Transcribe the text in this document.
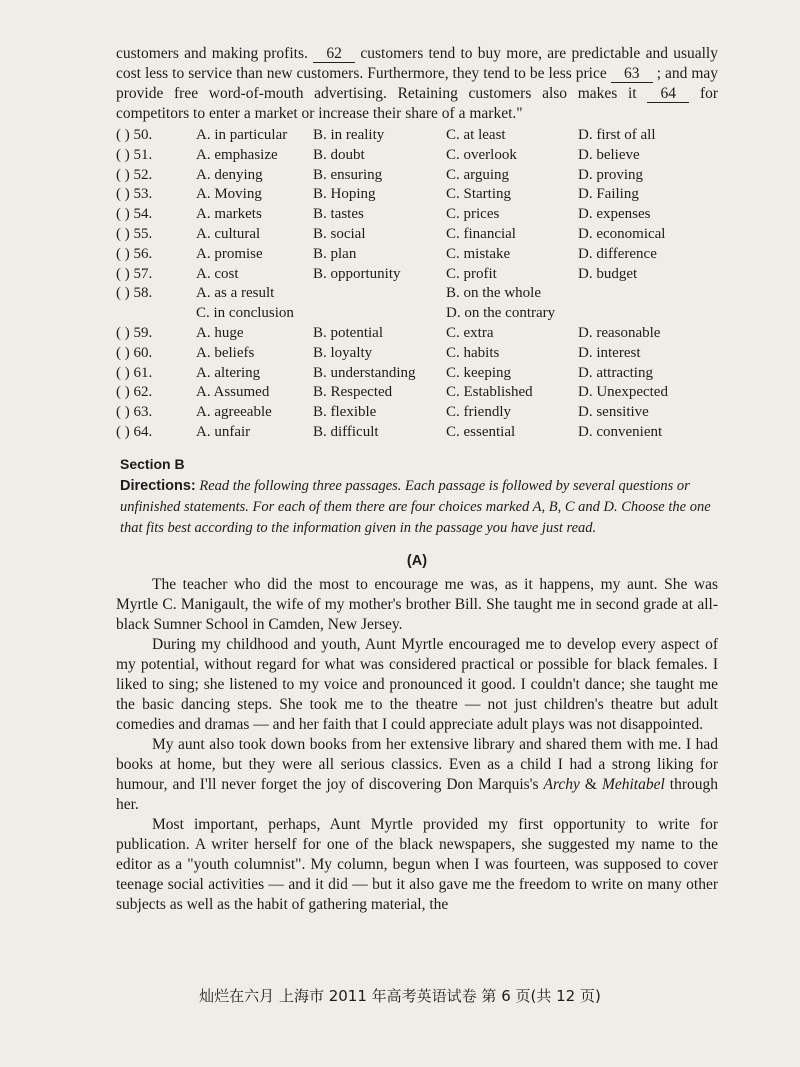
customers and making profits. 62 customers tend to buy more, are predictable and usually cost less to service than new customers. Furthermore, they tend to be less price 63 ; and may provide free word-of-mouth advertising. Retaining customers also makes it 64 for competitors to enter a market or increase their share of a market."

( ) 50.	A. in particular B. in reality	C. at least	D. first of all
( ) 51.	A. emphasize B. doubt	C. overlook	D. believe
( ) 52.	A. denying	B. ensuring	C. arguing	D. proving
( ) 53.	A. Moving	B. Hoping	C. Starting	D. Failing
( ) 54.	A. markets	B. tastes	C. prices	D. expenses
( ) 55.	A. cultural	B. social	C. financial	D. economical
( ) 56.	A. promise	B. plan	C. mistake	D. difference
( ) 57.	A. cost	B. opportunity	C. profit	D. budget
( ) 58.	A. as a result	B. on the whole
C. in conclusion	D. on the contrary
( ) 59.	A. huge	B. potential	C. extra	D. reasonable
( ) 60.	A. beliefs	B. loyalty	C. habits	D. interest
( ) 61.	A. altering	B. understanding C. keeping	D. attracting
( ) 62.	A. Assumed	B. Respected	C. Established	D. Unexpected
( ) 63.	A. agreeable	B. flexible	C. friendly	D. sensitive
( ) 64.	A. unfair	B. difficult	C. essential	D. convenient
Section B

Directions: Read the following three passages. Each passage is followed by several questions or unfinished statements. For each of them there are four choices marked A, B, C and D. Choose the one that fits best according to the information given in the passage you have just read.

(A)

The teacher who did the most to encourage me was, as it happens, my aunt. She was Myrtle C. Manigault, the wife of my mother's brother Bill. She taught me in second grade at all-black Sumner School in Camden, New Jersey.

During my childhood and youth, Aunt Myrtle encouraged me to develop every aspect of my potential, without regard for what was considered practical or possible for black females. I liked to sing; she listened to my voice and pronounced it good. I couldn't dance; she taught me the basic dancing steps. She took me to the theatre — not just children's theatre but adult comedies and dramas — and her faith that I could appreciate adult plays was not disappointed.

My aunt also took down books from her extensive library and shared them with me. I had books at home, but they were all serious classics. Even as a child I had a strong liking for humour, and I'll never forget the joy of discovering Don Marquis's Archy & Mehitabel through her.

Most important, perhaps, Aunt Myrtle provided my first opportunity to write for publication. A writer herself for one of the black newspapers, she suggested my name to the editor as a "youth columnist". My column, begun when I was fourteen, was supposed to cover teenage social activities — and it did — but it also gave me the freedom to write on many other subjects as well as the habit of gathering material, the

灿烂在六月 上海市 2011 年高考英语试卷 第 6 页(共 12 页)
